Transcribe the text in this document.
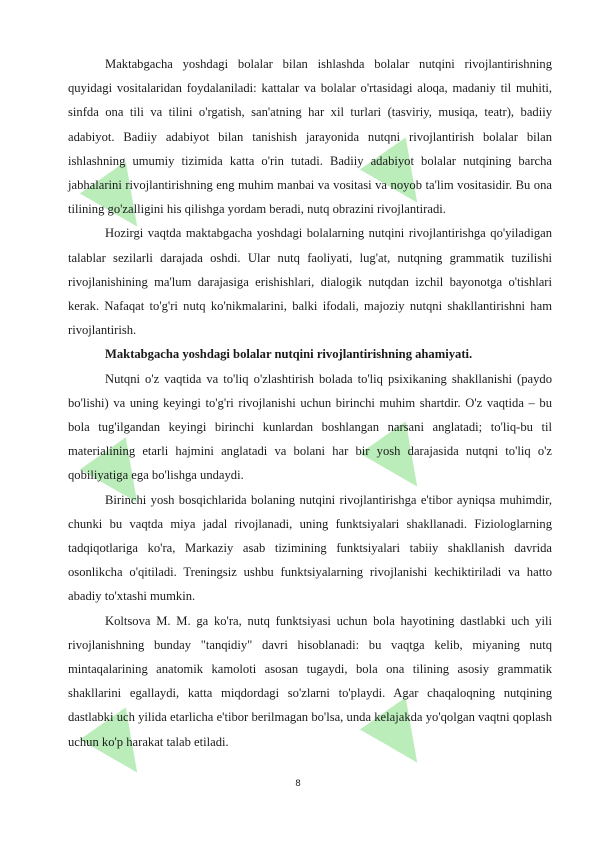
Maktabgacha yoshdagi bolalar bilan ishlashda bolalar nutqini rivojlantirishning quyidagi vositalaridan foydalaniladi: kattalar va bolalar o'rtasidagi aloqa, madaniy til muhiti, sinfda ona tili va tilini o'rgatish, san'atning har xil turlari (tasviriy, musiqa, teatr), badiiy adabiyot. Badiiy adabiyot bilan tanishish jarayonida nutqni rivojlantirish bolalar bilan ishlashning umumiy tizimida katta o'rin tutadi. Badiiy adabiyot bolalar nutqining barcha jabhalarini rivojlantirishning eng muhim manbai va vositasi va noyob ta'lim vositasidir. Bu ona tilining go'zalligini his qilishga yordam beradi, nutq obrazini rivojlantiradi.

Hozirgi vaqtda maktabgacha yoshdagi bolalarning nutqini rivojlantirishga qo'yiladigan talablar sezilarli darajada oshdi. Ular nutq faoliyati, lug'at, nutqning grammatik tuzilishi rivojlanishining ma'lum darajasiga erishishlari, dialogik nutqdan izchil bayonotga o'tishlari kerak. Nafaqat to'g'ri nutq ko'nikmalarini, balki ifodali, majoziy nutqni shakllantirishni ham rivojlantirish.

Maktabgacha yoshdagi bolalar nutqini rivojlantirishning ahamiyati.

Nutqni o'z vaqtida va to'liq o'zlashtirish bolada to'liq psixikaning shakllanishi (paydo bo'lishi) va uning keyingi to'g'ri rivojlanishi uchun birinchi muhim shartdir. O'z vaqtida – bu bola tug'ilgandan keyingi birinchi kunlardan boshlangan narsani anglatadi; to'liq-bu til materialining etarli hajmini anglatadi va bolani har bir yosh darajasida nutqni to'liq o'z qobiliyatiga ega bo'lishga undaydi.

Birinchi yosh bosqichlarida bolaning nutqini rivojlantirishga e'tibor ayniqsa muhimdir, chunki bu vaqtda miya jadal rivojlanadi, uning funktsiyalari shakllanadi. Fiziologlarning tadqiqotlariga ko'ra, Markaziy asab tizimining funktsiyalari tabiiy shakllanish davrida osonlikcha o'qitiladi. Treningsiz ushbu funktsiyalarning rivojlanishi kechiktiriladi va hatto abadiy to'xtashi mumkin.

Koltsova M. M. ga ko'ra, nutq funktsiyasi uchun bola hayotining dastlabki uch yili rivojlanishning bunday "tanqidiy" davri hisoblanadi: bu vaqtga kelib, miyaning nutq mintaqalarining anatomik kamoloti asosan tugaydi, bola ona tilining asosiy grammatik shakllarini egallaydi, katta miqdordagi so'zlarni to'playdi. Agar chaqaloqning nutqining dastlabki uch yilida etarlicha e'tibor berilmagan bo'lsa, unda kelajakda yo'qolgan vaqtni qoplash uchun ko'p harakat talab etiladi.

8
